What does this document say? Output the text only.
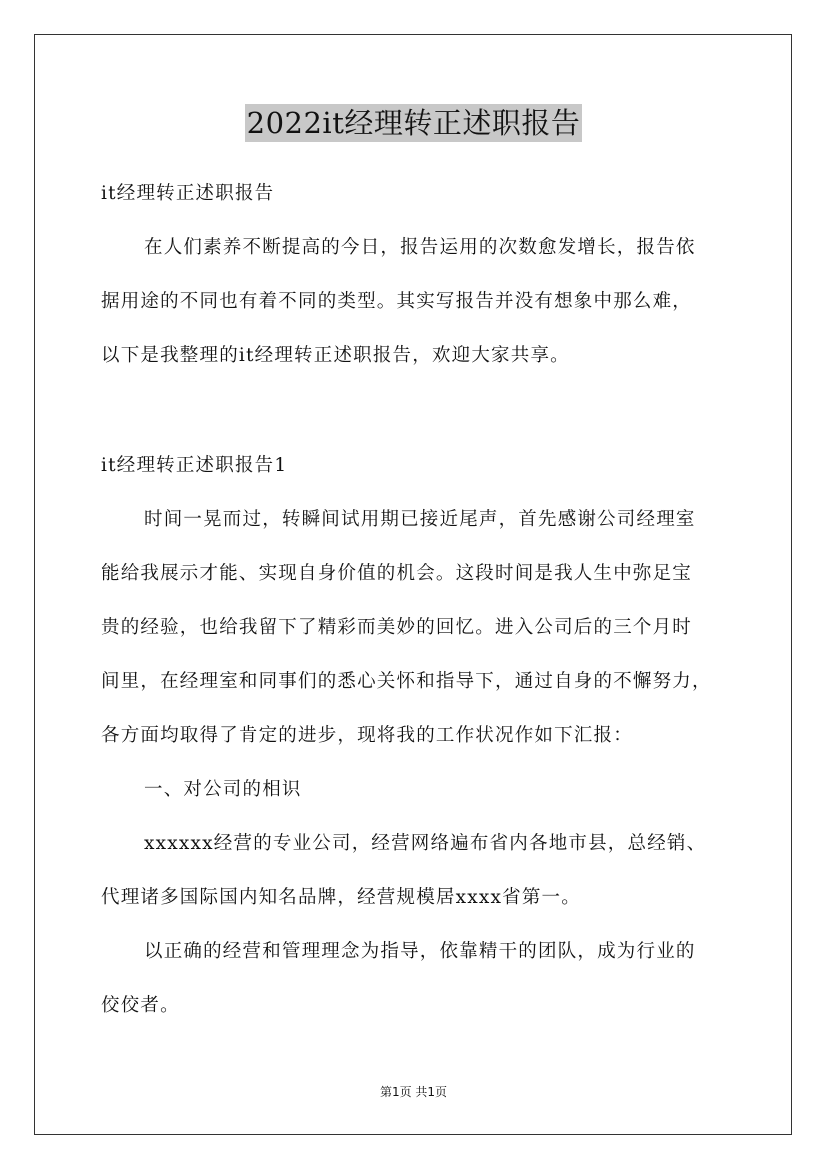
2022it经理转正述职报告
it经理转正述职报告
在人们素养不断提高的今日，报告运用的次数愈发增长，报告依
据用途的不同也有着不同的类型。其实写报告并没有想象中那么难，
以下是我整理的it经理转正述职报告，欢迎大家共享。
it经理转正述职报告1
时间一晃而过，转瞬间试用期已接近尾声，首先感谢公司经理室
能给我展示才能、实现自身价值的机会。这段时间是我人生中弥足宝
贵的经验，也给我留下了精彩而美妙的回忆。进入公司后的三个月时
间里，在经理室和同事们的悉心关怀和指导下，通过自身的不懈努力，
各方面均取得了肯定的进步，现将我的工作状况作如下汇报：
一、对公司的相识
xxxxxx经营的专业公司，经营网络遍布省内各地市县，总经销、
代理诸多国际国内知名品牌，经营规模居xxxx省第一。
以正确的经营和管理理念为指导，依靠精干的团队，成为行业的
佼佼者。
第1页 共1页
